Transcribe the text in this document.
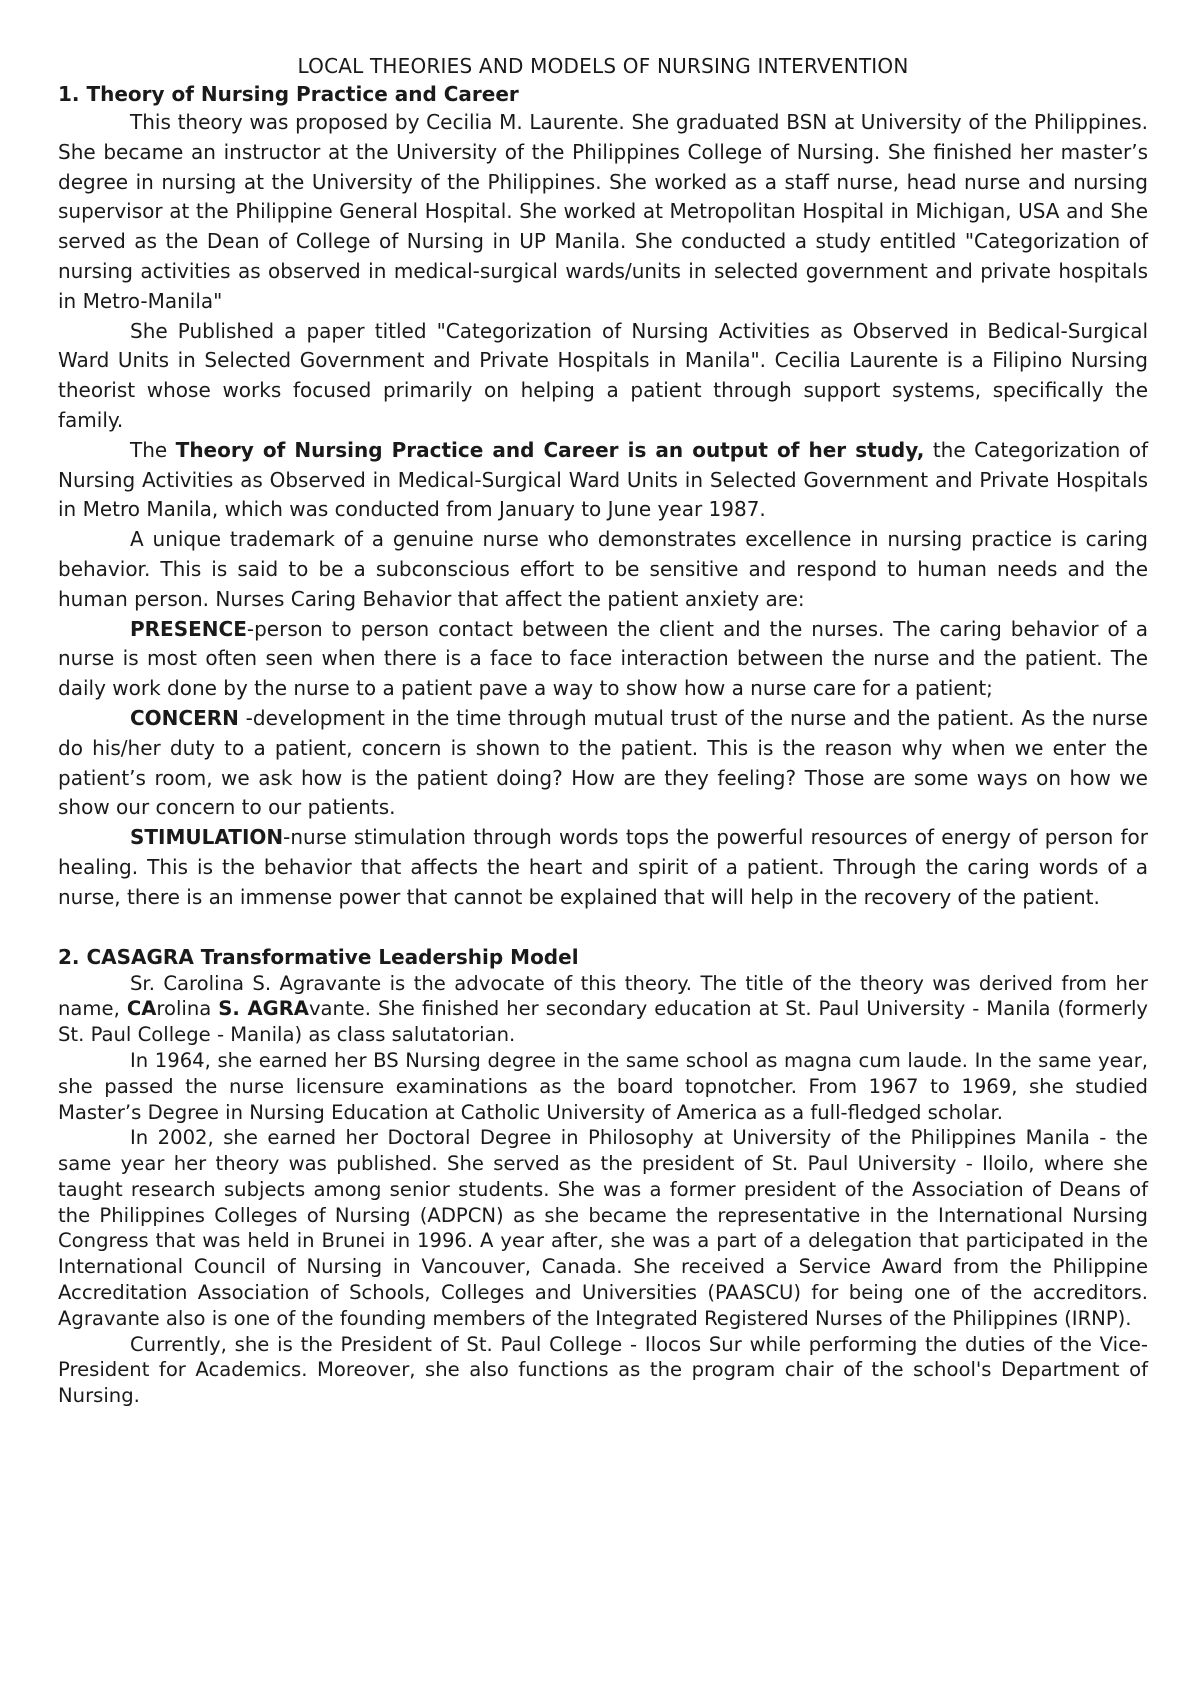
LOCAL THEORIES AND MODELS OF NURSING INTERVENTION
1. Theory of Nursing Practice and Career

This theory was proposed by Cecilia M. Laurente. She graduated BSN at University of the Philippines. She became an instructor at the University of the Philippines College of Nursing. She finished her master’s degree in nursing at the University of the Philippines. She worked as a staff nurse, head nurse and nursing supervisor at the Philippine General Hospital. She worked at Metropolitan Hospital in Michigan, USA and She served as the Dean of College of Nursing in UP Manila. She conducted a study entitled "Categorization of nursing activities as observed in medical-surgical wards/units in selected government and private hospitals in Metro-Manila"

She Published a paper titled "Categorization of Nursing Activities as Observed in Bedical-Surgical Ward Units in Selected Government and Private Hospitals in Manila". Cecilia Laurente is a Filipino Nursing theorist whose works focused primarily on helping a patient through support systems, specifically the family.

The Theory of Nursing Practice and Career is an output of her study, the Categorization of Nursing Activities as Observed in Medical-Surgical Ward Units in Selected Government and Private Hospitals in Metro Manila, which was conducted from January to June year 1987.

A unique trademark of a genuine nurse who demonstrates excellence in nursing practice is caring behavior. This is said to be a subconscious effort to be sensitive and respond to human needs and the human person. Nurses Caring Behavior that affect the patient anxiety are:

PRESENCE-person to person contact between the client and the nurses. The caring behavior of a nurse is most often seen when there is a face to face interaction between the nurse and the patient. The daily work done by the nurse to a patient pave a way to show how a nurse care for a patient;

CONCERN -development in the time through mutual trust of the nurse and the patient. As the nurse do his/her duty to a patient, concern is shown to the patient. This is the reason why when we enter the patient’s room, we ask how is the patient doing? How are they feeling? Those are some ways on how we show our concern to our patients.

STIMULATION-nurse stimulation through words tops the powerful resources of energy of person for healing. This is the behavior that affects the heart and spirit of a patient. Through the caring words of a nurse, there is an immense power that cannot be explained that will help in the recovery of the patient.

2. CASAGRA Transformative Leadership Model

Sr. Carolina S. Agravante is the advocate of this theory. The title of the theory was derived from her name, CArolina S. AGRAvante. She finished her secondary education at St. Paul University - Manila (formerly St. Paul College - Manila) as class salutatorian.

In 1964, she earned her BS Nursing degree in the same school as magna cum laude. In the same year, she passed the nurse licensure examinations as the board topnotcher. From 1967 to 1969, she studied Master’s Degree in Nursing Education at Catholic University of America as a full-fledged scholar.

In 2002, she earned her Doctoral Degree in Philosophy at University of the Philippines Manila - the same year her theory was published. She served as the president of St. Paul University - Iloilo, where she taught research subjects among senior students. She was a former president of the Association of Deans of the Philippines Colleges of Nursing (ADPCN) as she became the representative in the International Nursing Congress that was held in Brunei in 1996. A year after, she was a part of a delegation that participated in the International Council of Nursing in Vancouver, Canada. She received a Service Award from the Philippine Accreditation Association of Schools, Colleges and Universities (PAASCU) for being one of the accreditors. Agravante also is one of the founding members of the Integrated Registered Nurses of the Philippines (IRNP).

Currently, she is the President of St. Paul College - Ilocos Sur while performing the duties of the Vice-President for Academics. Moreover, she also functions as the program chair of the school's Department of Nursing.
